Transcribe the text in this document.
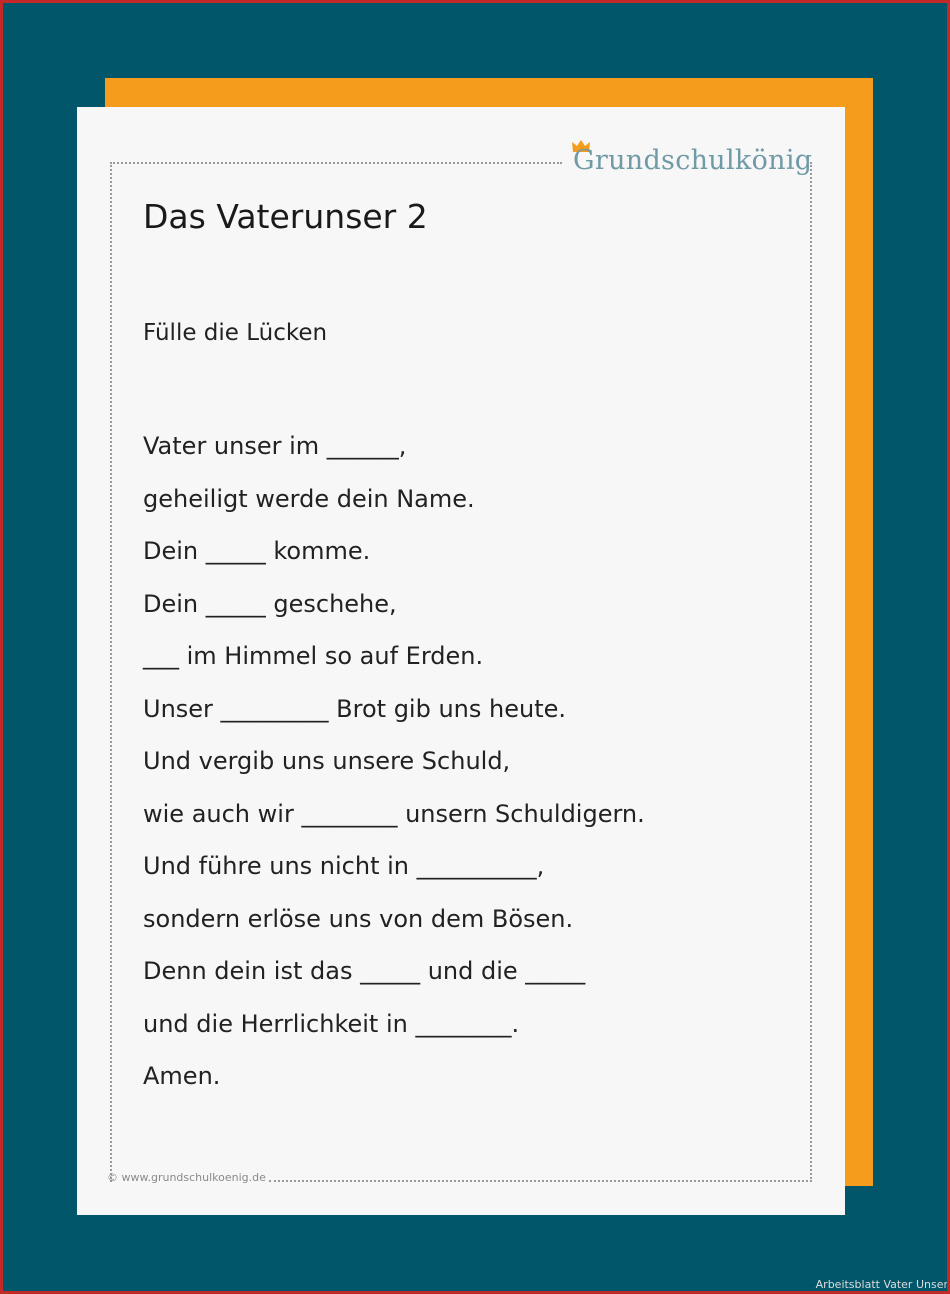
Grundschulkönig
Das Vaterunser 2
Fülle die Lücken
Vater unser im ______,
geheiligt werde dein Name.
Dein _____ komme.
Dein _____ geschehe,
___ im Himmel so auf Erden.
Unser _________ Brot gib uns heute.
Und vergib uns unsere Schuld,
wie auch wir ________ unsern Schuldigern.
Und führe uns nicht in __________,
sondern erlöse uns von dem Bösen.
Denn dein ist das _____ und die _____
und die Herrlichkeit in ________.
Amen.
© www.grundschulkoenig.de
Arbeitsblatt Vater Unser
